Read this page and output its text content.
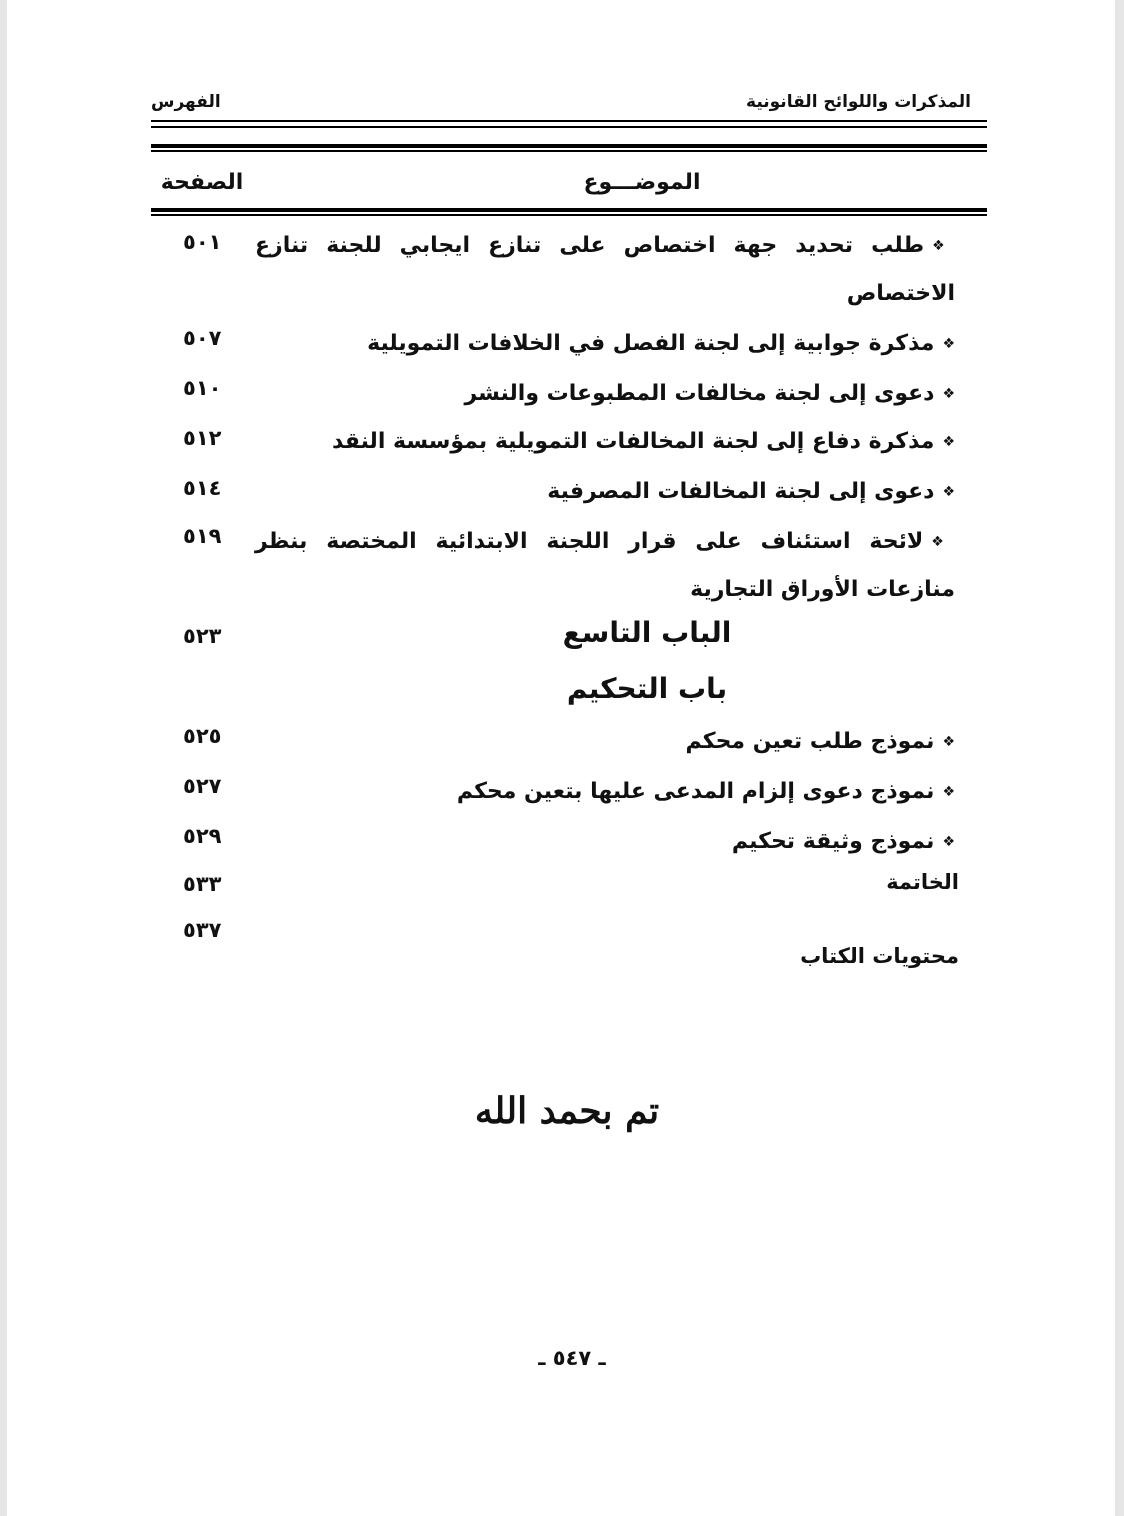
المذكرات واللوائح القانونية
الفهرس
الموضـــوع
الصفحة
❖طلب تحديد جهة اختصاص على تنازع ايجابي للجنة تنازع الاختصاص
٥٠١
❖مذكرة جوابية إلى لجنة الفصل في الخلافات التمويلية
٥٠٧
❖دعوى إلى لجنة مخالفات المطبوعات والنشر
٥١٠
❖مذكرة دفاع إلى لجنة المخالفات التمويلية بمؤسسة النقد
٥١٢
❖دعوى إلى لجنة المخالفات المصرفية
٥١٤
❖لائحة استئناف على قرار اللجنة الابتدائية المختصة بنظر منازعات الأوراق التجارية
٥١٩
الباب التاسع
٥٢٣
باب التحكيم
❖نموذج طلب تعين محكم
٥٢٥
❖نموذج دعوى إلزام المدعى عليها بتعين محكم
٥٢٧
❖نموذج وثيقة تحكيم
٥٢٩
الخاتمة
٥٣٣
٥٣٧
محتويات الكتاب
تم بحمد الله
ـ ٥٤٧ ـ
